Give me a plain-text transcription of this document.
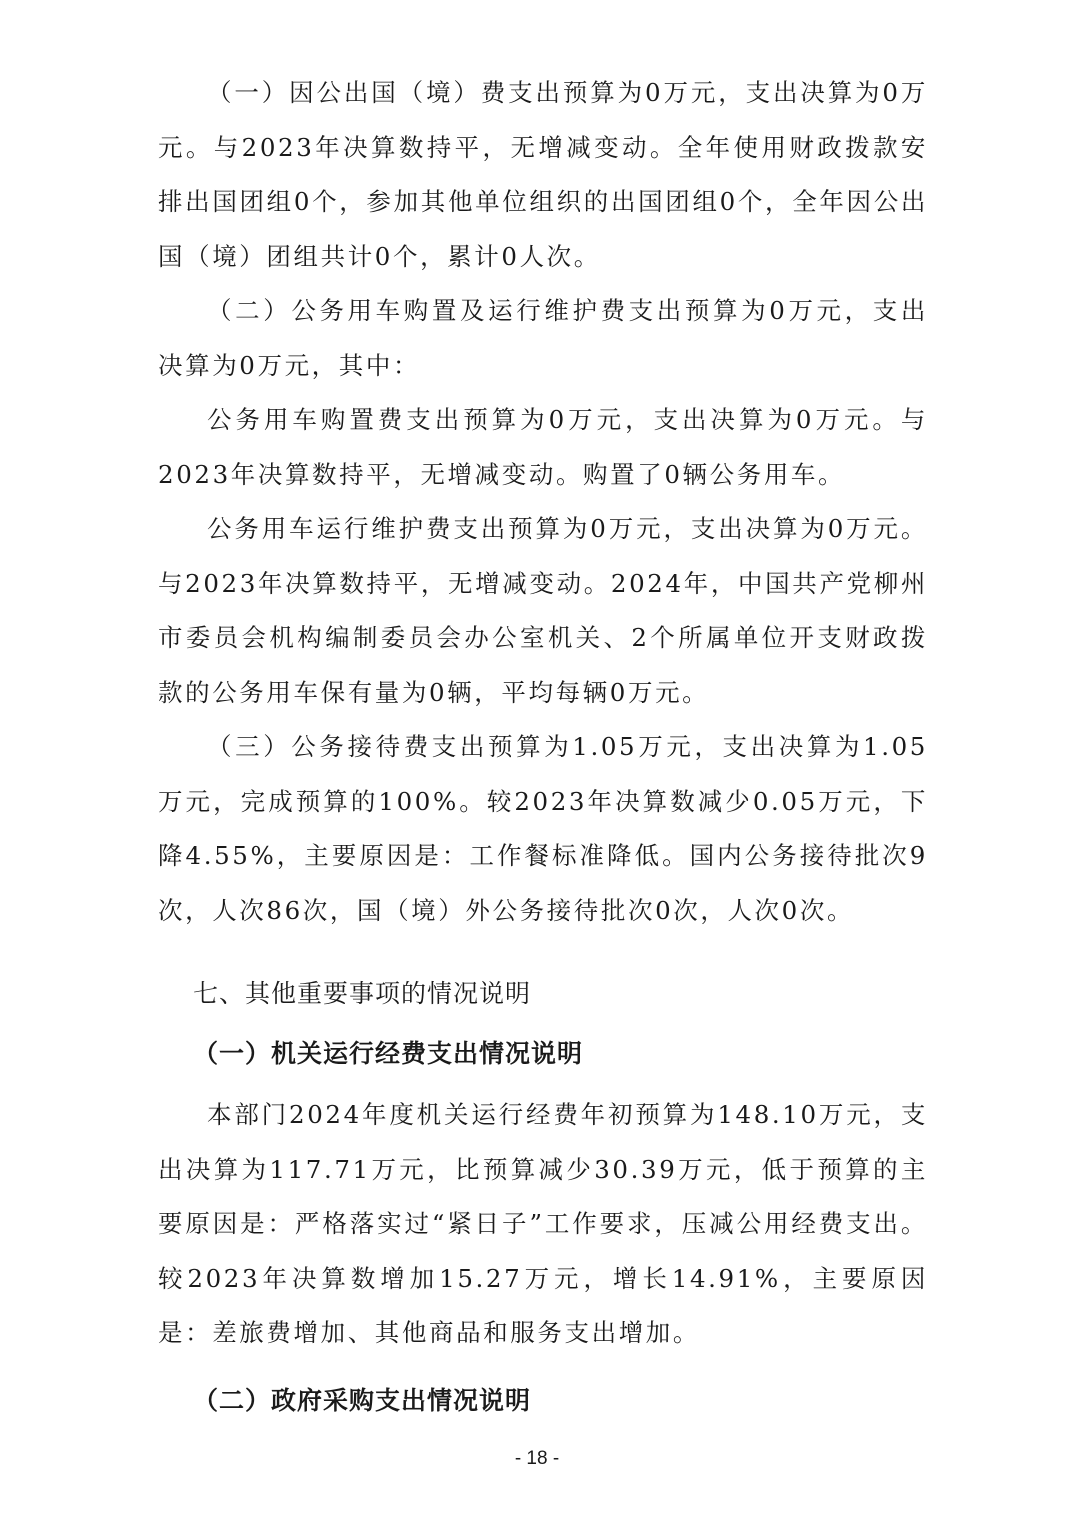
（一）因公出国（境）费支出预算为0万元，支出决算为0万元。与2023年决算数持平，无增减变动。全年使用财政拨款安排出国团组0个，参加其他单位组织的出国团组0个，全年因公出国（境）团组共计0个，累计0人次。

（二）公务用车购置及运行维护费支出预算为0万元，支出决算为0万元，其中：

公务用车购置费支出预算为0万元，支出决算为0万元。与2023年决算数持平，无增减变动。购置了0辆公务用车。

公务用车运行维护费支出预算为0万元，支出决算为0万元。与2023年决算数持平，无增减变动。2024年，中国共产党柳州市委员会机构编制委员会办公室机关、2个所属单位开支财政拨款的公务用车保有量为0辆，平均每辆0万元。

（三）公务接待费支出预算为1.05万元，支出决算为1.05万元，完成预算的100%。较2023年决算数减少0.05万元，下降4.55%，主要原因是：工作餐标准降低。国内公务接待批次9次，人次86次，国（境）外公务接待批次0次，人次0次。

七、其他重要事项的情况说明
（一）机关运行经费支出情况说明

本部门2024年度机关运行经费年初预算为148.10万元，支出决算为117.71万元，比预算减少30.39万元，低于预算的主要原因是：严格落实过“紧日子”工作要求，压减公用经费支出。较2023年决算数增加15.27万元，增长14.91%，主要原因是：差旅费增加、其他商品和服务支出增加。

（二）政府采购支出情况说明
- 18 -
